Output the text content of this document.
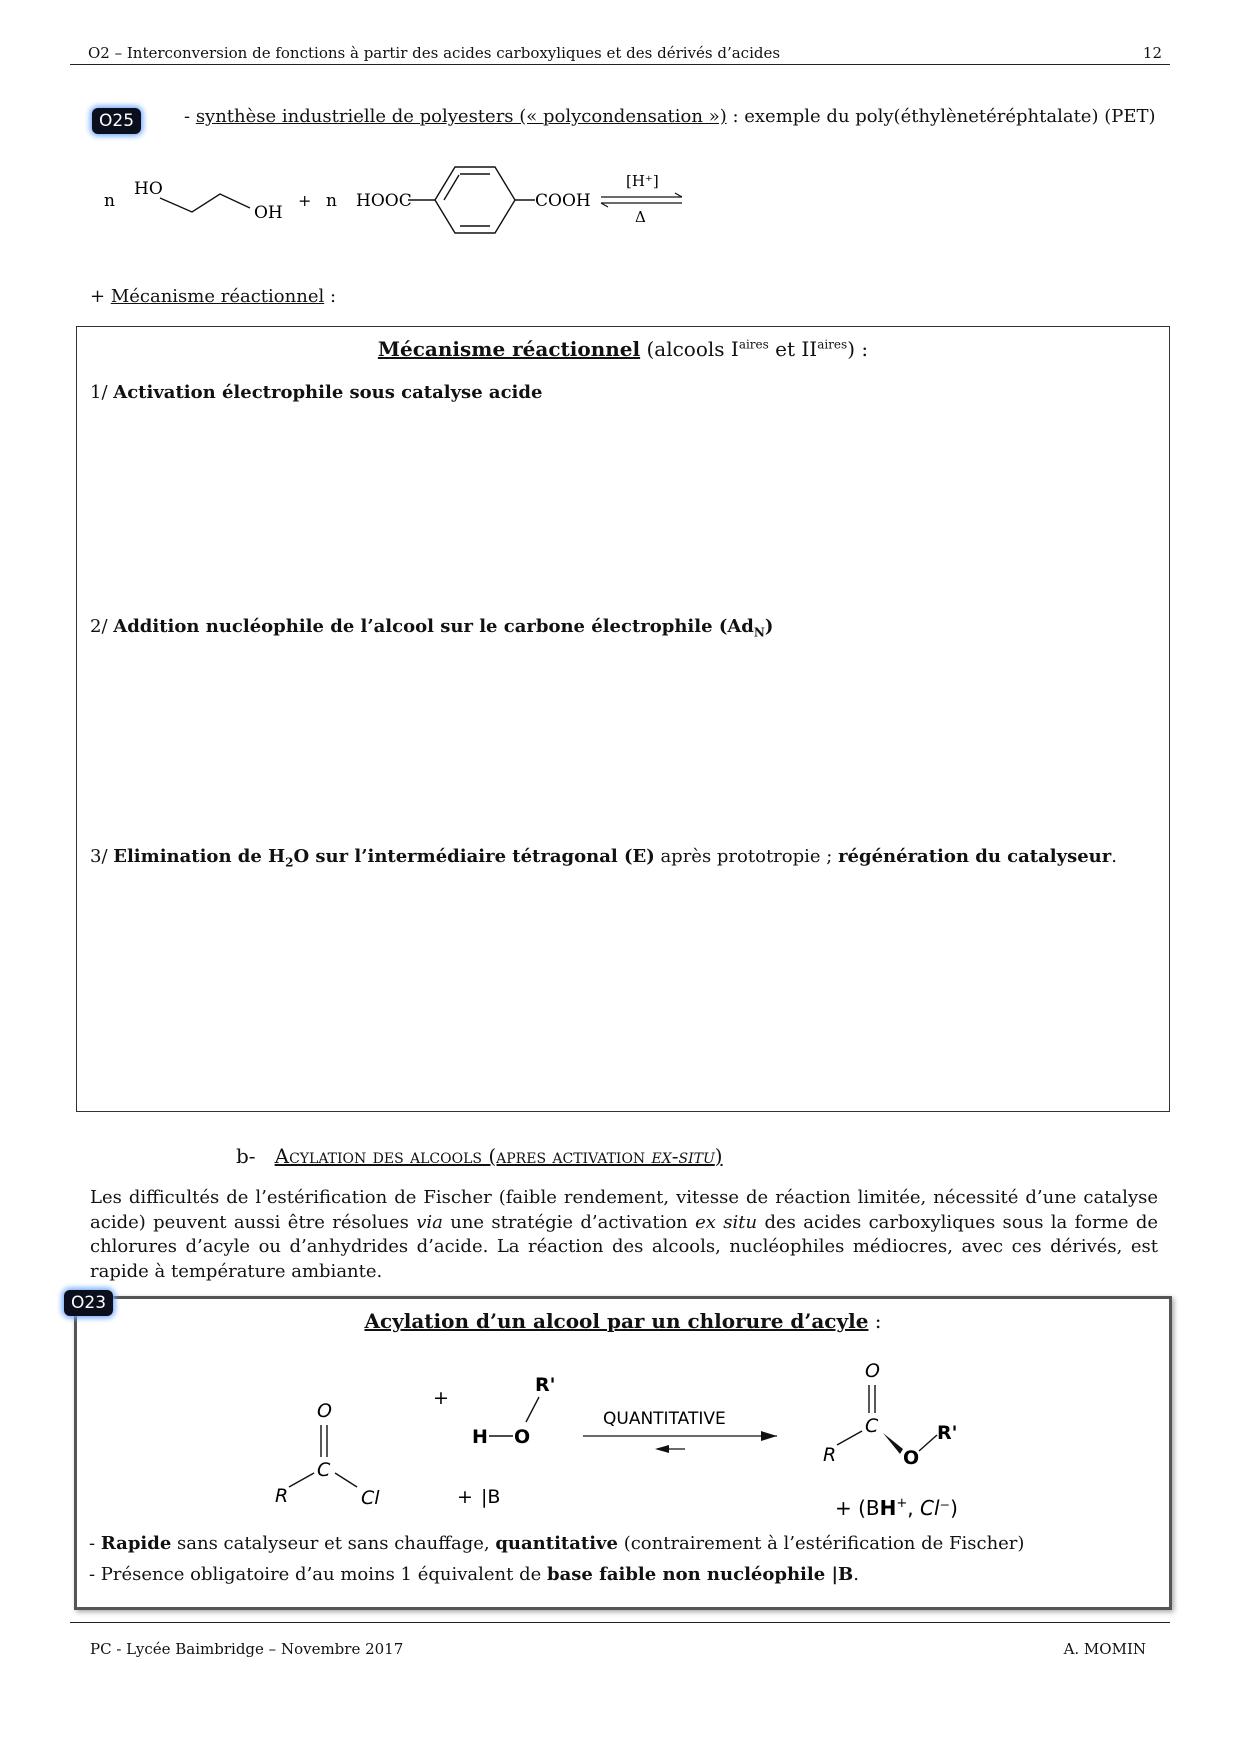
O2 – Interconversion de fonctions à partir des acides carboxyliques et des dérivés d’acides	12
O25	- synthèse industrielle de polyesters (« polycondensation ») : exemple du poly(éthylènetéréphtalate) (PET)
n
HO
OH
+ n HOOC	COOH
[H⁺]
Δ
+ Mécanisme réactionnel :
Mécanisme réactionnel (alcools $I^{aires}$ et $II^{aires}$) :
1/ Activation électrophile sous catalyse acide
2/ Addition nucléophile de l’alcool sur le carbone électrophile $(Ad_N)$
3/ Elimination de $H_2O$ sur l’intermédiaire tétragonal (E) après prototropie ; régénération du catalyseur.
b- Acylation des alcools (apres activation ex-situ)
Les difficultés de l’estérification de Fischer (faible rendement, vitesse de réaction limitée, nécessité d’une catalyse acide) peuvent aussi être résolues via une stratégie d’activation ex situ des acides carboxyliques sous la forme de chlorures d’acyle ou d’anhydrides d’acide. La réaction des alcools, nucléophiles médiocres, avec ces dérivés, est rapide à température ambiante.
Acylation d’un alcool par un chlorure d’acyle :
O
C
R	Cl
+
H O
R'
+ |B
QUANTITATIVE
O
C
R	O
R'
+ (BH+, Cl⁻)
- Rapide sans catalyseur et sans chauffage, quantitative (contrairement à l’estérification de Fischer)
- Présence obligatoire d’au moins 1 équivalent de base faible non nucléophile |B.
O23
PC - Lycée Baimbridge – Novembre 2017	A. MOMIN
